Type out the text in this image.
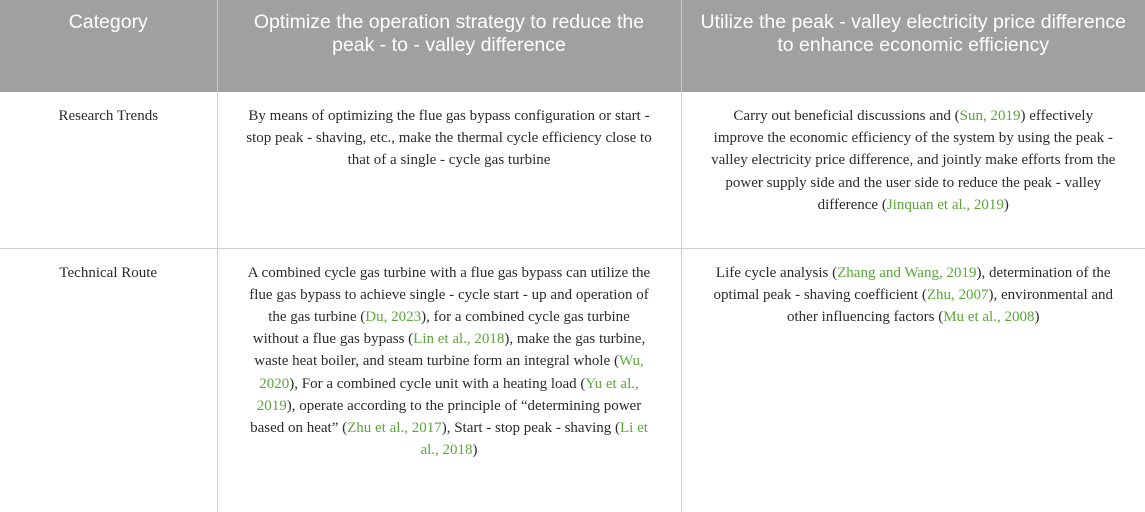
Category	Optimize the operation strategy to reduce the peak - to - valley difference	Utilize the peak - valley electricity price difference to enhance economic efficiency

Research Trends	By means of optimizing the flue gas bypass configuration or start - stop peak - shaving, etc., make the thermal cycle efficiency close to that of a single - cycle gas turbine	Carry out beneficial discussions and (Sun, 2019) effectively improve the economic efficiency of the system by using the peak - valley electricity price difference, and jointly make efforts from the power supply side and the user side to reduce the peak - valley difference (Jinquan et al., 2019)

Technical Route	A combined cycle gas turbine with a flue gas bypass can utilize the flue gas bypass to achieve single - cycle start - up and operation of the gas turbine (Du, 2023), for a combined cycle gas turbine without a flue gas bypass (Lin et al., 2018), make the gas turbine, waste heat boiler, and steam turbine form an integral whole (Wu, 2020), For a combined cycle unit with a heating load (Yu et al., 2019), operate according to the principle of “determining power based on heat” (Zhu et al., 2017), Start - stop peak - shaving (Li et al., 2018)	Life cycle analysis (Zhang and Wang, 2019), determination of the optimal peak - shaving coefficient (Zhu, 2007), environmental and other influencing factors (Mu et al., 2008)
